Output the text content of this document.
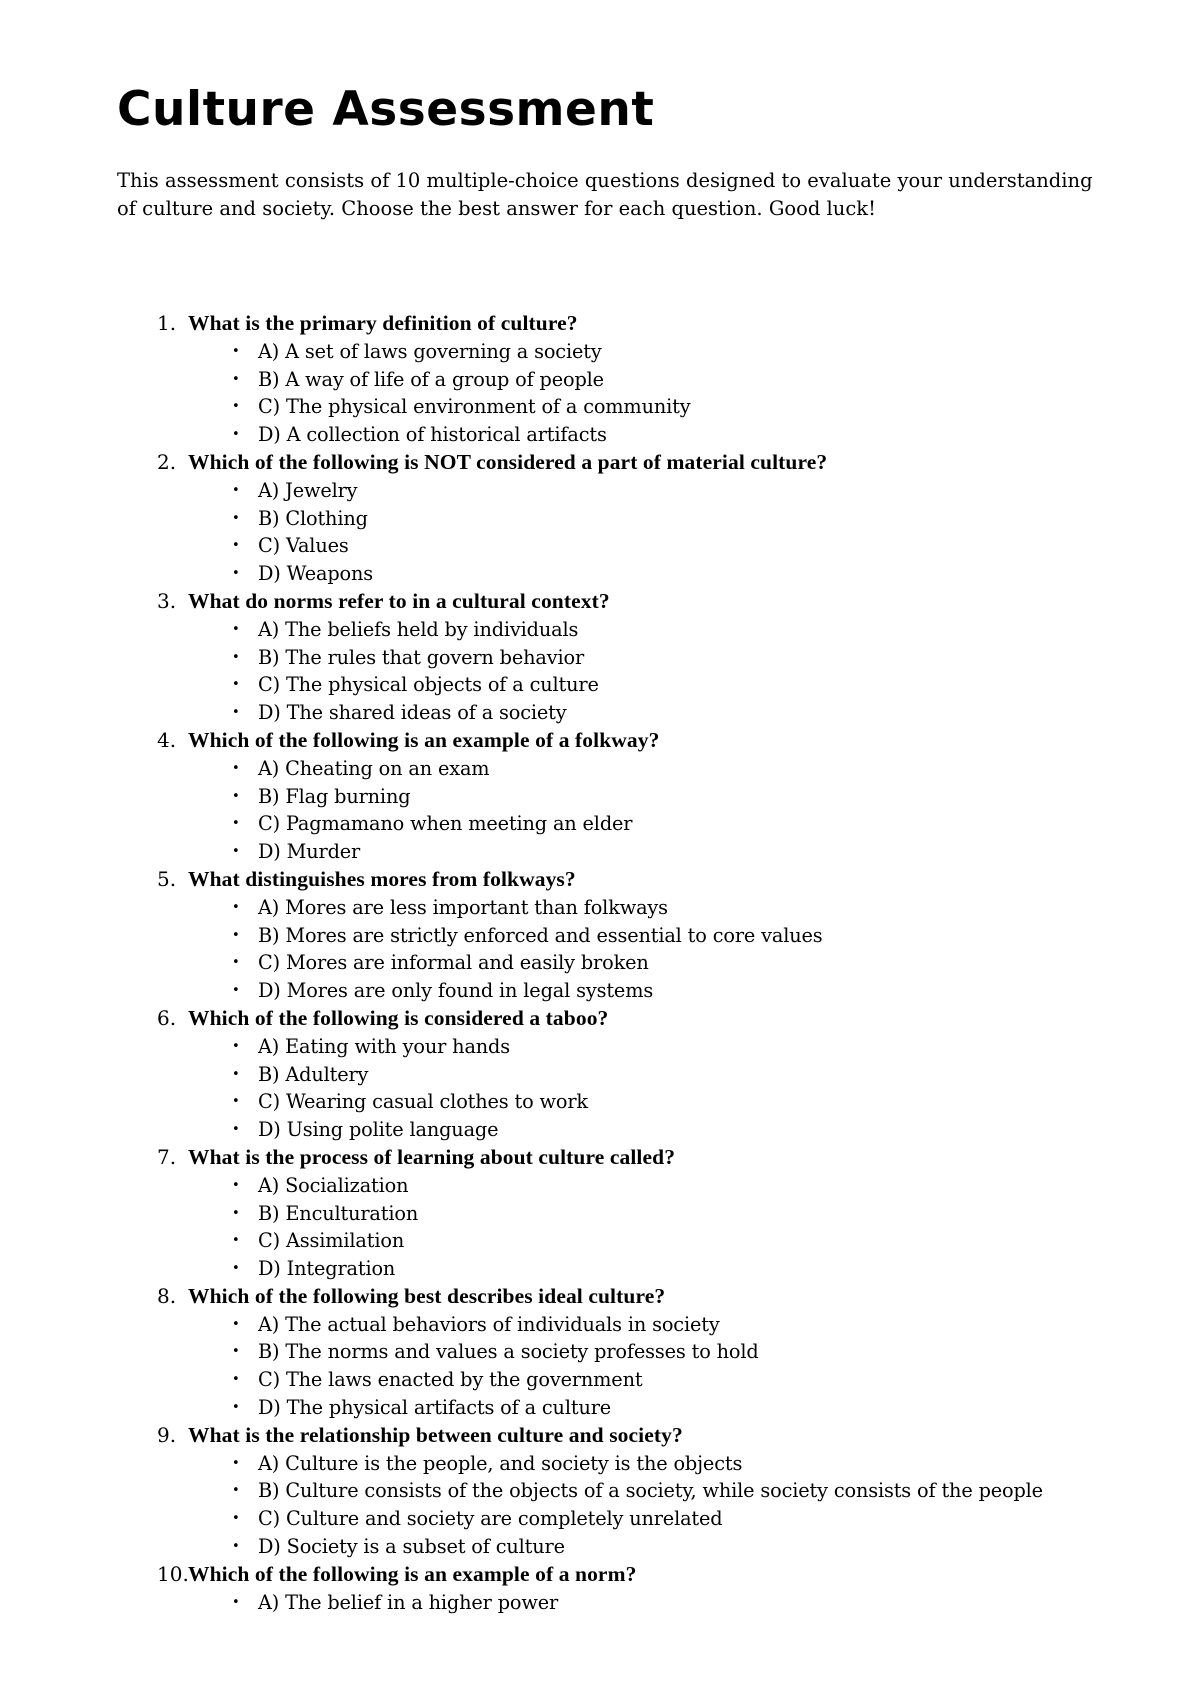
Culture Assessment

This assessment consists of 10 multiple-choice questions designed to evaluate your understanding of culture and society. Choose the best answer for each question. Good luck!

1. What is the primary definition of culture?
• A) A set of laws governing a society
• B) A way of life of a group of people
• C) The physical environment of a community
• D) A collection of historical artifacts
2. Which of the following is NOT considered a part of material culture?
• A) Jewelry
• B) Clothing
• C) Values
• D) Weapons
3. What do norms refer to in a cultural context?
• A) The beliefs held by individuals
• B) The rules that govern behavior
• C) The physical objects of a culture
• D) The shared ideas of a society
4. Which of the following is an example of a folkway?
• A) Cheating on an exam
• B) Flag burning
• C) Pagmamano when meeting an elder
• D) Murder
5. What distinguishes mores from folkways?
• A) Mores are less important than folkways
• B) Mores are strictly enforced and essential to core values
• C) Mores are informal and easily broken
• D) Mores are only found in legal systems
6. Which of the following is considered a taboo?
• A) Eating with your hands
• B) Adultery
• C) Wearing casual clothes to work
• D) Using polite language
7. What is the process of learning about culture called?
• A) Socialization
• B) Enculturation
• C) Assimilation
• D) Integration
8. Which of the following best describes ideal culture?
• A) The actual behaviors of individuals in society
• B) The norms and values a society professes to hold
• C) The laws enacted by the government
• D) The physical artifacts of a culture
9. What is the relationship between culture and society?
• A) Culture is the people, and society is the objects
• B) Culture consists of the objects of a society, while society consists of the people
• C) Culture and society are completely unrelated
• D) Society is a subset of culture
10. Which of the following is an example of a norm?
• A) The belief in a higher power
